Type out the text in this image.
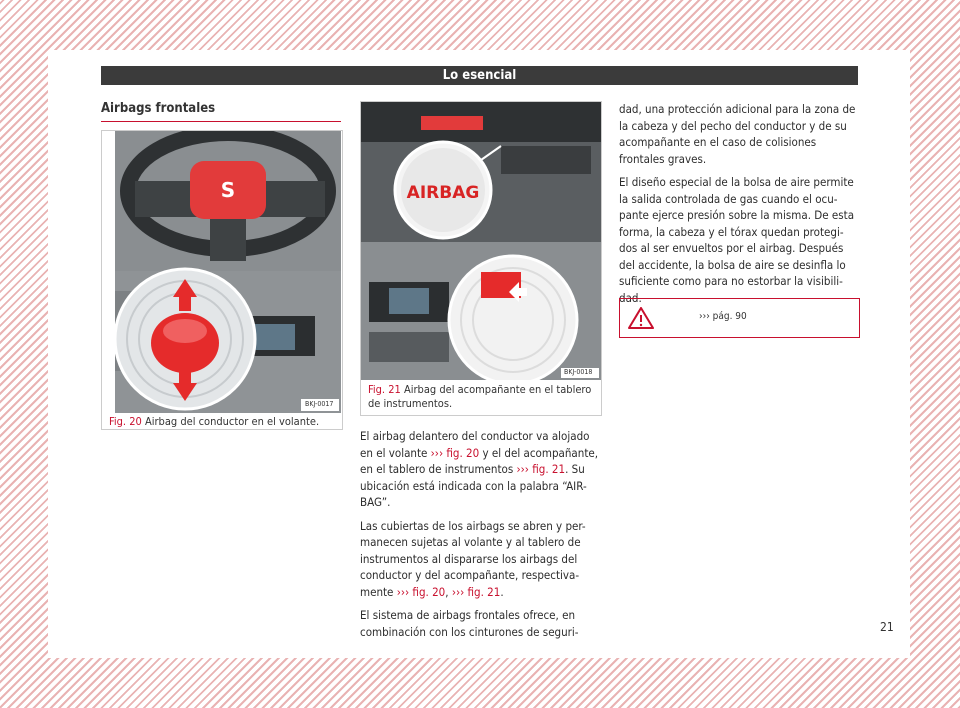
Lo esencial
Airbags frontales
S
BKJ-0017
Fig. 20 Airbag del conductor en el volante.
AIRBAG
BKJ-0018
Fig. 21 Airbag del acompañante en el tablero de instrumentos.

El airbag delantero del conductor va alojado en el volante ››› fig. 20 y el del acompañante, en el tablero de instrumentos ››› fig. 21. Su ubicación está indicada con la palabra “AIR-BAG”.

Las cubiertas de los airbags se abren y per-manecen sujetas al volante y al tablero de instrumentos al dispararse los airbags del conductor y del acompañante, respectiva-mente ››› fig. 20, ››› fig. 21.

El sistema de airbags frontales ofrece, en combinación con los cinturones de seguri-

dad, una protección adicional para la zona de la cabeza y del pecho del conductor y de su acompañante en el caso de colisiones frontales graves.

El diseño especial de la bolsa de aire permite la salida controlada de gas cuando el ocu-pante ejerce presión sobre la misma. De esta forma, la cabeza y el tórax quedan protegi-dos al ser envueltos por el airbag. Después del accidente, la bolsa de aire se desinfla lo suficiente como para no estorbar la visibili-dad.

››› pág. 90
21
